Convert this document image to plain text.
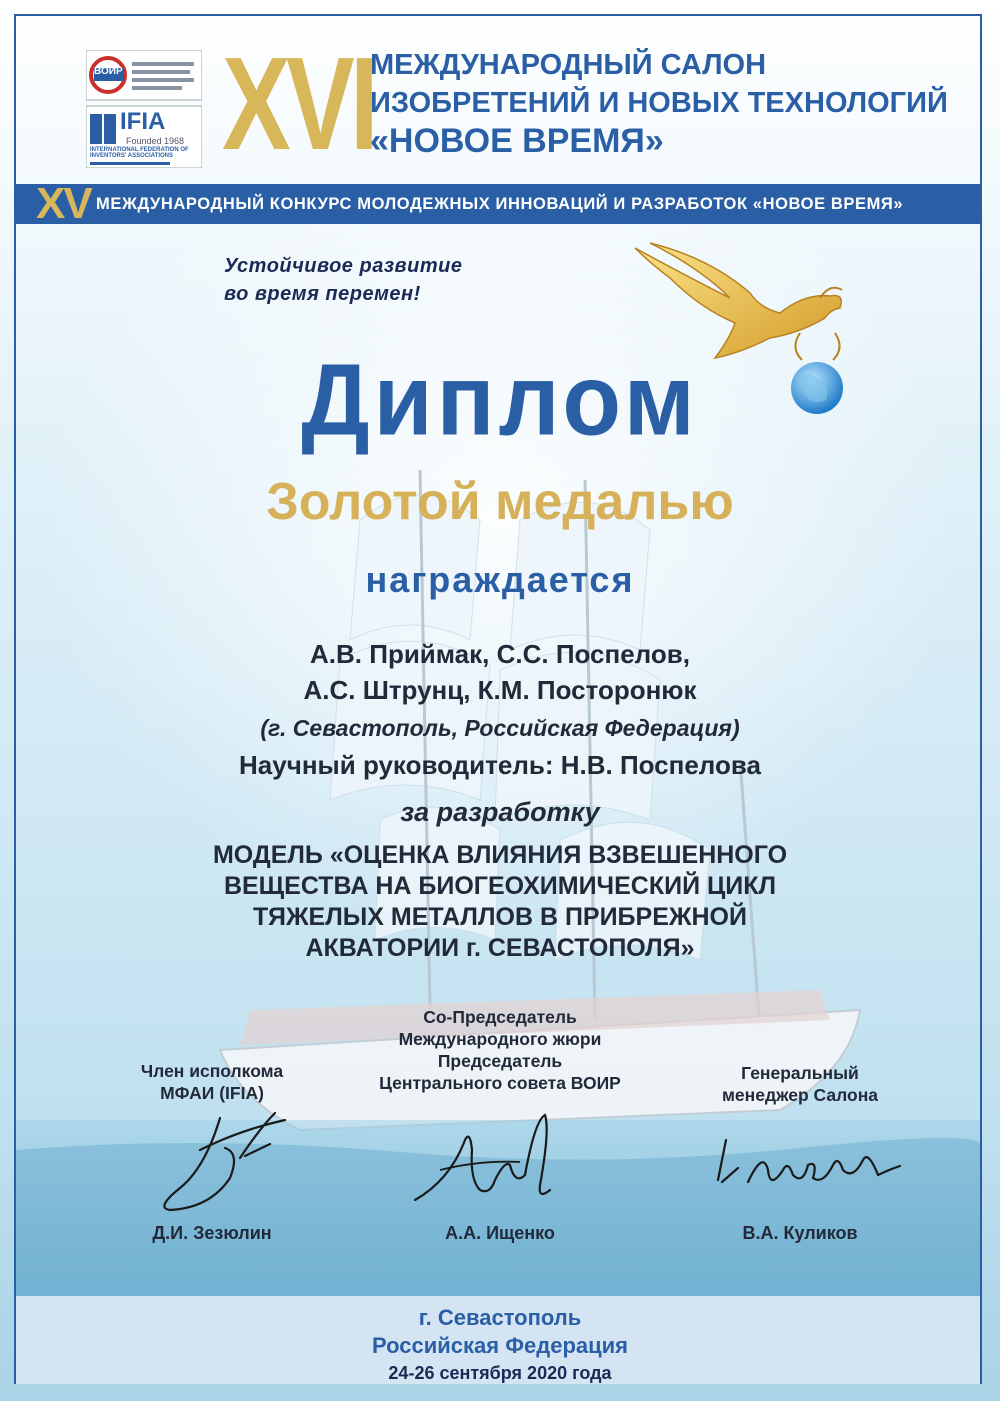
ВОИР
IFIA
Founded 1968
INTERNATIONAL FEDERATION OF INVENTORS' ASSOCIATIONS XVI
МЕЖДУНАРОДНЫЙ САЛОН
ИЗОБРЕТЕНИЙ И НОВЫХ ТЕХНОЛОГИЙ
«НОВОЕ ВРЕМЯ»
XV МЕЖДУНАРОДНЫЙ КОНКУРС МОЛОДЕЖНЫХ ИННОВАЦИЙ И РАЗРАБОТОК «НОВОЕ ВРЕМЯ»
Устойчивое развитие
во время перемен!
Диплом
Золотой медалью
награждается
А.В. Приймак, С.С. Поспелов,
А.С. Штрунц, К.М. Посторонюк
(г. Севастополь, Российская Федерация)
Научный руководитель: Н.В. Поспелова
за разработку
МОДЕЛЬ «ОЦЕНКА ВЛИЯНИЯ ВЗВЕШЕННОГО
ВЕЩЕСТВА НА БИОГЕОХИМИЧЕСКИЙ ЦИКЛ
ТЯЖЕЛЫХ МЕТАЛЛОВ В ПРИБРЕЖНОЙ
АКВАТОРИИ г. СЕВАСТОПОЛЯ»
Член исполкома
МФАИ (IFIA)
Со-Председатель
Международного жюри
Председатель
Центрального совета ВОИР	Генеральный
менеджер Салона
Д.И. Зезюлин	А.А. Ищенко	В.А. Куликов
г. Севастополь
Российская Федерация
24-26 сентября 2020 года
